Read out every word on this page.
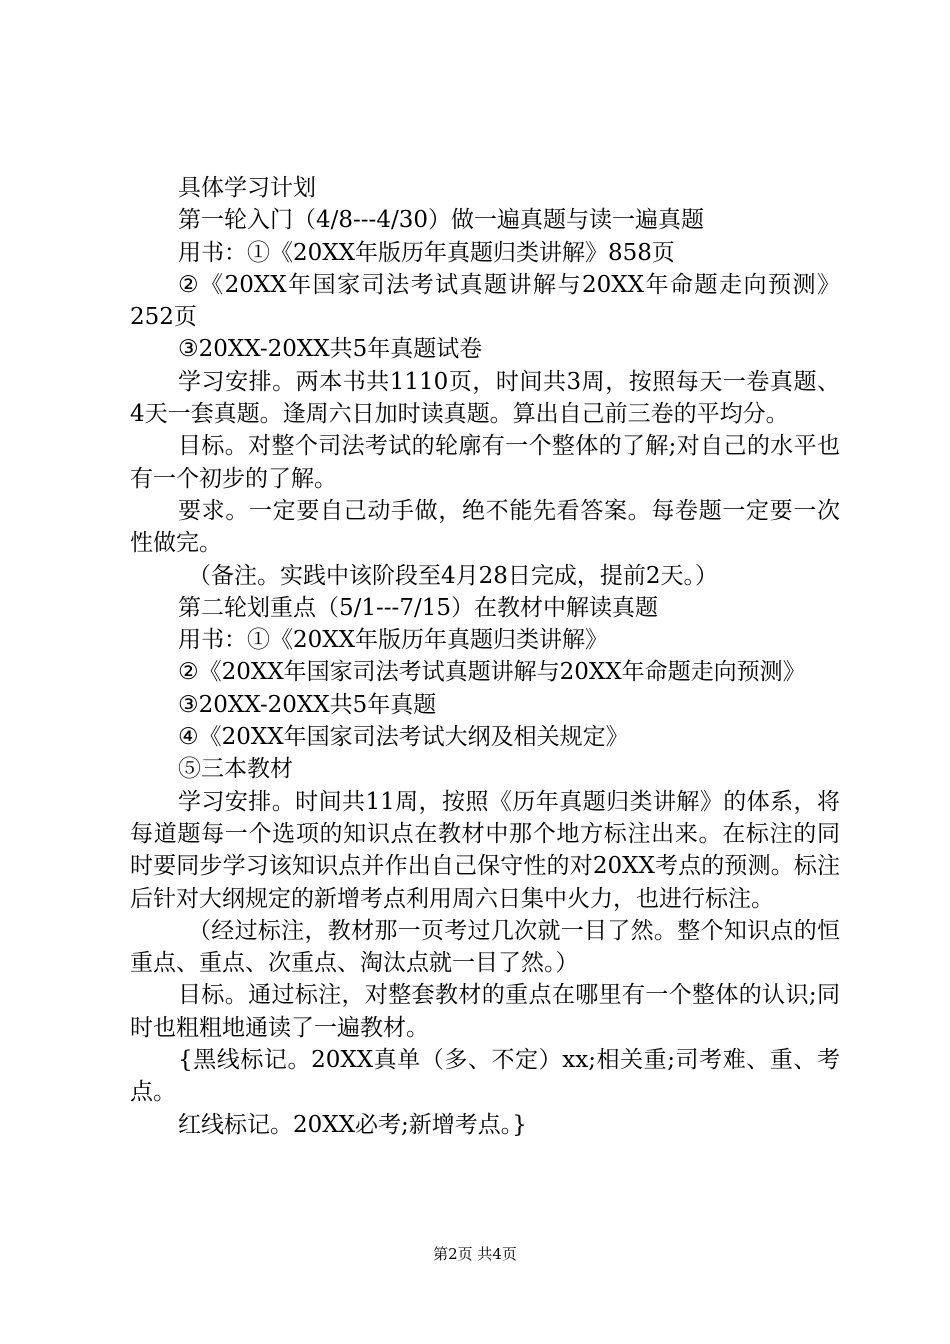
具体学习计划

第一轮入门（4/8---4/30）做一遍真题与读一遍真题

用书：①《20XX年版历年真题归类讲解》858页

②《20XX年国家司法考试真题讲解与20XX年命题走向预测》252页

③20XX-20XX共5年真题试卷

学习安排。两本书共1110页，时间共3周，按照每天一卷真题、4天一套真题。逢周六日加时读真题。算出自己前三卷的平均分。

目标。对整个司法考试的轮廓有一个整体的了解;对自己的水平也有一个初步的了解。

要求。一定要自己动手做，绝不能先看答案。每卷题一定要一次性做完。

（备注。实践中该阶段至4月28日完成，提前2天。）

第二轮划重点（5/1---7/15）在教材中解读真题

用书：①《20XX年版历年真题归类讲解》

②《20XX年国家司法考试真题讲解与20XX年命题走向预测》

③20XX-20XX共5年真题

④《20XX年国家司法考试大纲及相关规定》

⑤三本教材

学习安排。时间共11周，按照《历年真题归类讲解》的体系，将每道题每一个选项的知识点在教材中那个地方标注出来。在标注的同时要同步学习该知识点并作出自己保守性的对20XX考点的预测。标注后针对大纲规定的新增考点利用周六日集中火力，也进行标注。

（经过标注，教材那一页考过几次就一目了然。整个知识点的恒重点、重点、次重点、淘汰点就一目了然。）

目标。通过标注，对整套教材的重点在哪里有一个整体的认识;同时也粗粗地通读了一遍教材。

{黑线标记。20XX真单（多、不定）xx;相关重;司考难、重、考点。

红线标记。20XX必考;新增考点。}

第2页 共4页
